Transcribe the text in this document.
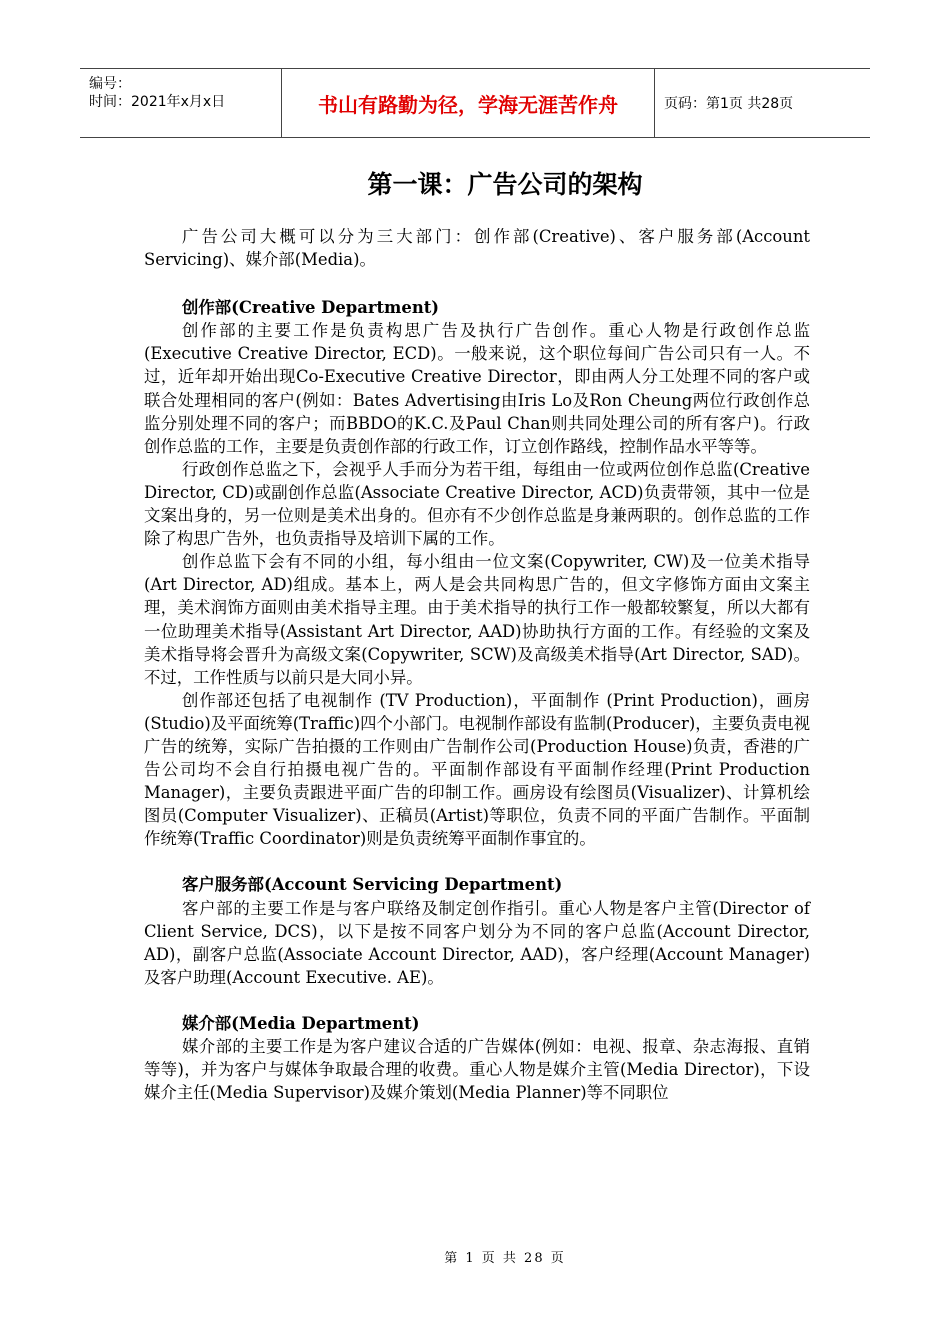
编号：
时间：2021年x月x日	书山有路勤为径，学海无涯苦作舟	页码：第1页 共28页
第一课：广告公司的架构

广告公司大概可以分为三大部门：创作部(Creative)、客户服务部(Account Servicing)、媒介部(Media)。

创作部(Creative Department)

创作部的主要工作是负责构思广告及执行广告创作。重心人物是行政创作总监(Executive Creative Director, ECD)。一般来说，这个职位每间广告公司只有一人。不过，近年却开始出现Co-Executive Creative Director，即由两人分工处理不同的客户或联合处理相同的客户(例如：Bates Advertising由Iris Lo及Ron Cheung两位行政创作总监分别处理不同的客户；而BBDO的K.C.及Paul Chan则共同处理公司的所有客户)。行政创作总监的工作，主要是负责创作部的行政工作，订立创作路线，控制作品水平等等。

行政创作总监之下，会视乎人手而分为若干组，每组由一位或两位创作总监(Creative Director, CD)或副创作总监(Associate Creative Director, ACD)负责带领，其中一位是文案出身的，另一位则是美术出身的。但亦有不少创作总监是身兼两职的。创作总监的工作除了构思广告外，也负责指导及培训下属的工作。

创作总监下会有不同的小组，每小组由一位文案(Copywriter, CW)及一位美术指导(Art Director, AD)组成。基本上，两人是会共同构思广告的，但文字修饰方面由文案主理，美术润饰方面则由美术指导主理。由于美术指导的执行工作一般都较繁复，所以大都有一位助理美术指导(Assistant Art Director, AAD)协助执行方面的工作。有经验的文案及美术指导将会晋升为高级文案(Copywriter, SCW)及高级美术指导(Art Director, SAD)。不过，工作性质与以前只是大同小异。

创作部还包括了电视制作 (TV Production)，平面制作 (Print Production)，画房(Studio)及平面统筹(Traffic)四个小部门。电视制作部设有监制(Producer)，主要负责电视广告的统筹，实际广告拍摄的工作则由广告制作公司(Production House)负责，香港的广告公司均不会自行拍摄电视广告的。平面制作部设有平面制作经理(Print Production Manager)，主要负责跟进平面广告的印制工作。画房设有绘图员(Visualizer)、计算机绘图员(Computer Visualizer)、正稿员(Artist)等职位，负责不同的平面广告制作。平面制作统筹(Traffic Coordinator)则是负责统筹平面制作事宜的。

客户服务部(Account Servicing Department)

客户部的主要工作是与客户联络及制定创作指引。重心人物是客户主管(Director of Client Service, DCS)，以下是按不同客户划分为不同的客户总监(Account Director, AD)，副客户总监(Associate Account Director, AAD)，客户经理(Account Manager)及客户助理(Account Executive. AE)。

媒介部(Media Department)

媒介部的主要工作是为客户建议合适的广告媒体(例如：电视、报章、杂志海报、直销等等)，并为客户与媒体争取最合理的收费。重心人物是媒介主管(Media Director)，下设媒介主任(Media Supervisor)及媒介策划(Media Planner)等不同职位

第 1 页 共 28 页
